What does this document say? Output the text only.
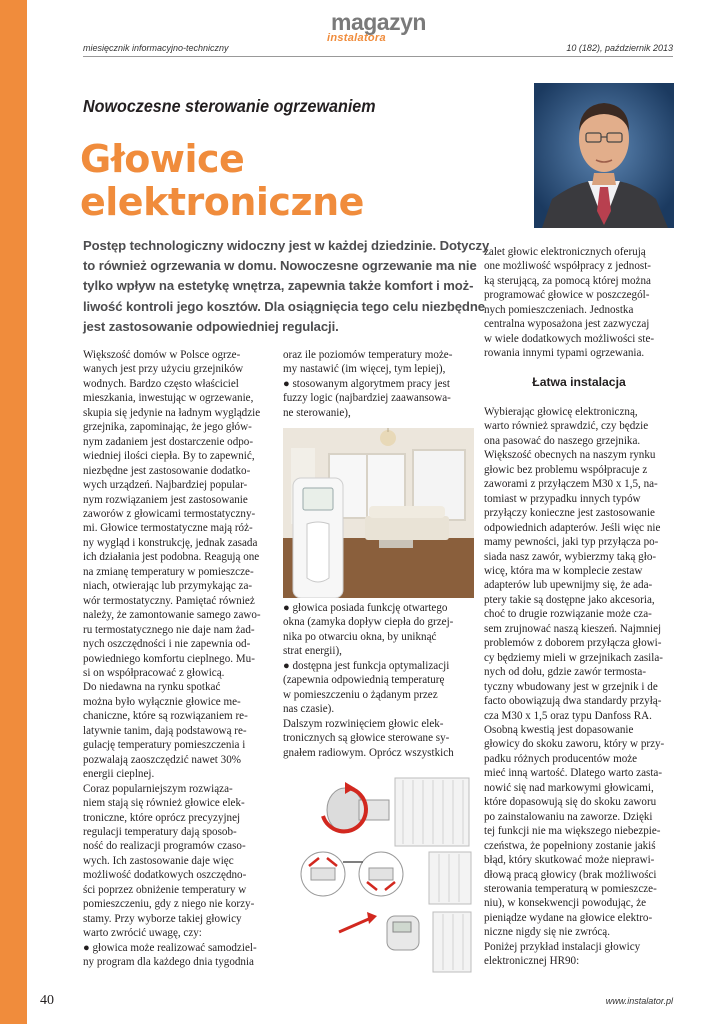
magazyn
instalatora
miesięcznik informacyjno-techniczny	10 (182), październik 2013
Nowoczesne sterowanie ogrzewaniem
Głowice
elektroniczne
Postęp technologiczny widoczny jest w każdej dziedzinie. Dotyczy
to również ogrzewania w domu. Nowoczesne ogrzewanie ma nie
tylko wpływ na estetykę wnętrza, zapewnia także komfort i moż-
liwość kontroli jego kosztów. Dla osiągnięcia tego celu niezbędne
jest zastosowanie odpowiedniej regulacji.
Większość domów w Polsce ogrze-
wanych jest przy użyciu grzejników
wodnych. Bardzo często właściciel
mieszkania, inwestując w ogrzewanie,
skupia się jedynie na ładnym wyglądzie
grzejnika, zapominając, że jego głów-
nym zadaniem jest dostarczenie odpo-
wiedniej ilości ciepła. By to zapewnić,
niezbędne jest zastosowanie dodatko-
wych urządzeń. Najbardziej popular-
nym rozwiązaniem jest zastosowanie
zaworów z głowicami termostatyczny-
mi. Głowice termostatyczne mają róż-
ny wygląd i konstrukcję, jednak zasada
ich działania jest podobna. Reagują one
na zmianę temperatury w pomieszcze-
niach, otwierając lub przymykając za-
wór termostatyczny. Pamiętać również
należy, że zamontowanie samego zawo-
ru termostatycznego nie daje nam żad-
nych oszczędności i nie zapewnia od-
powiedniego komfortu cieplnego. Mu-
si on współpracować z głowicą.
Do niedawna na rynku spotkać
można było wyłącznie głowice me-
chaniczne, które są rozwiązaniem re-
latywnie tanim, dają podstawową re-
gulację temperatury pomieszczenia i
pozwalają zaoszczędzić nawet 30%
energii cieplnej.
Coraz popularniejszym rozwiąza-
niem stają się również głowice elek-
troniczne, które oprócz precyzyjnej
regulacji temperatury dają sposob-
ność do realizacji programów czaso-
wych. Ich zastosowanie daje więc
możliwość dodatkowych oszczędno-
ści poprzez obniżenie temperatury w
pomieszczeniu, gdy z niego nie korzy-
stamy. Przy wyborze takiej głowicy
warto zwrócić uwagę, czy:
● głowica może realizować samodziel-
ny program dla każdego dnia tygodnia
oraz ile poziomów temperatury może-
my nastawić (im więcej, tym lepiej),
● stosowanym algorytmem pracy jest
fuzzy logic (najbardziej zaawansowa-
ne sterowanie),
● głowica posiada funkcję otwartego
okna (zamyka dopływ ciepła do grzej-
nika po otwarciu okna, by uniknąć
strat energii),
● dostępna jest funkcja optymalizacji
(zapewnia odpowiednią temperaturę
w pomieszczeniu o żądanym przez
nas czasie).
Dalszym rozwinięciem głowic elek-
tronicznych są głowice sterowane sy-
gnałem radiowym. Oprócz wszystkich
zalet głowic elektronicznych oferują
one możliwość współpracy z jednost-
ką sterującą, za pomocą której można
programować głowice w poszczegól-
nych pomieszczeniach. Jednostka
centralna wyposażona jest zazwyczaj
w wiele dodatkowych możliwości ste-
rowania innymi typami ogrzewania.
Łatwa instalacja
Wybierając głowicę elektroniczną,
warto również sprawdzić, czy będzie
ona pasować do naszego grzejnika.
Większość obecnych na naszym rynku
głowic bez problemu współpracuje z
zaworami z przyłączem M30 x 1,5, na-
tomiast w przypadku innych typów
przyłączy konieczne jest zastosowanie
odpowiednich adapterów. Jeśli więc nie
mamy pewności, jaki typ przyłącza po-
siada nasz zawór, wybierzmy taką gło-
wicę, która ma w komplecie zestaw
adapterów lub upewnijmy się, że ada-
ptery takie są dostępne jako akcesoria,
choć to drugie rozwiązanie może cza-
sem zrujnować naszą kieszeń. Najmniej
problemów z doborem przyłącza głowi-
cy będziemy mieli w grzejnikach zasila-
nych od dołu, gdzie zawór termosta-
tyczny wbudowany jest w grzejnik i de
facto obowiązują dwa standardy przyłą-
cza M30 x 1,5 oraz typu Danfoss RA.
Osobną kwestią jest dopasowanie
głowicy do skoku zaworu, który w przy-
padku różnych producentów może
mieć inną wartość. Dlatego warto zasta-
nowić się nad markowymi głowicami,
które dopasowują się do skoku zaworu
po zainstalowaniu na zaworze. Dzięki
tej funkcji nie ma większego niebezpie-
czeństwa, że popełniony zostanie jakiś
błąd, który skutkować może nieprawi-
dłową pracą głowicy (brak możliwości
sterowania temperaturą w pomieszcze-
niu), w konsekwencji powodując, że
pieniądze wydane na głowice elektro-
niczne nigdy się nie zwrócą.
Poniżej przykład instalacji głowicy
elektronicznej HR90:
40	www.instalator.pl
